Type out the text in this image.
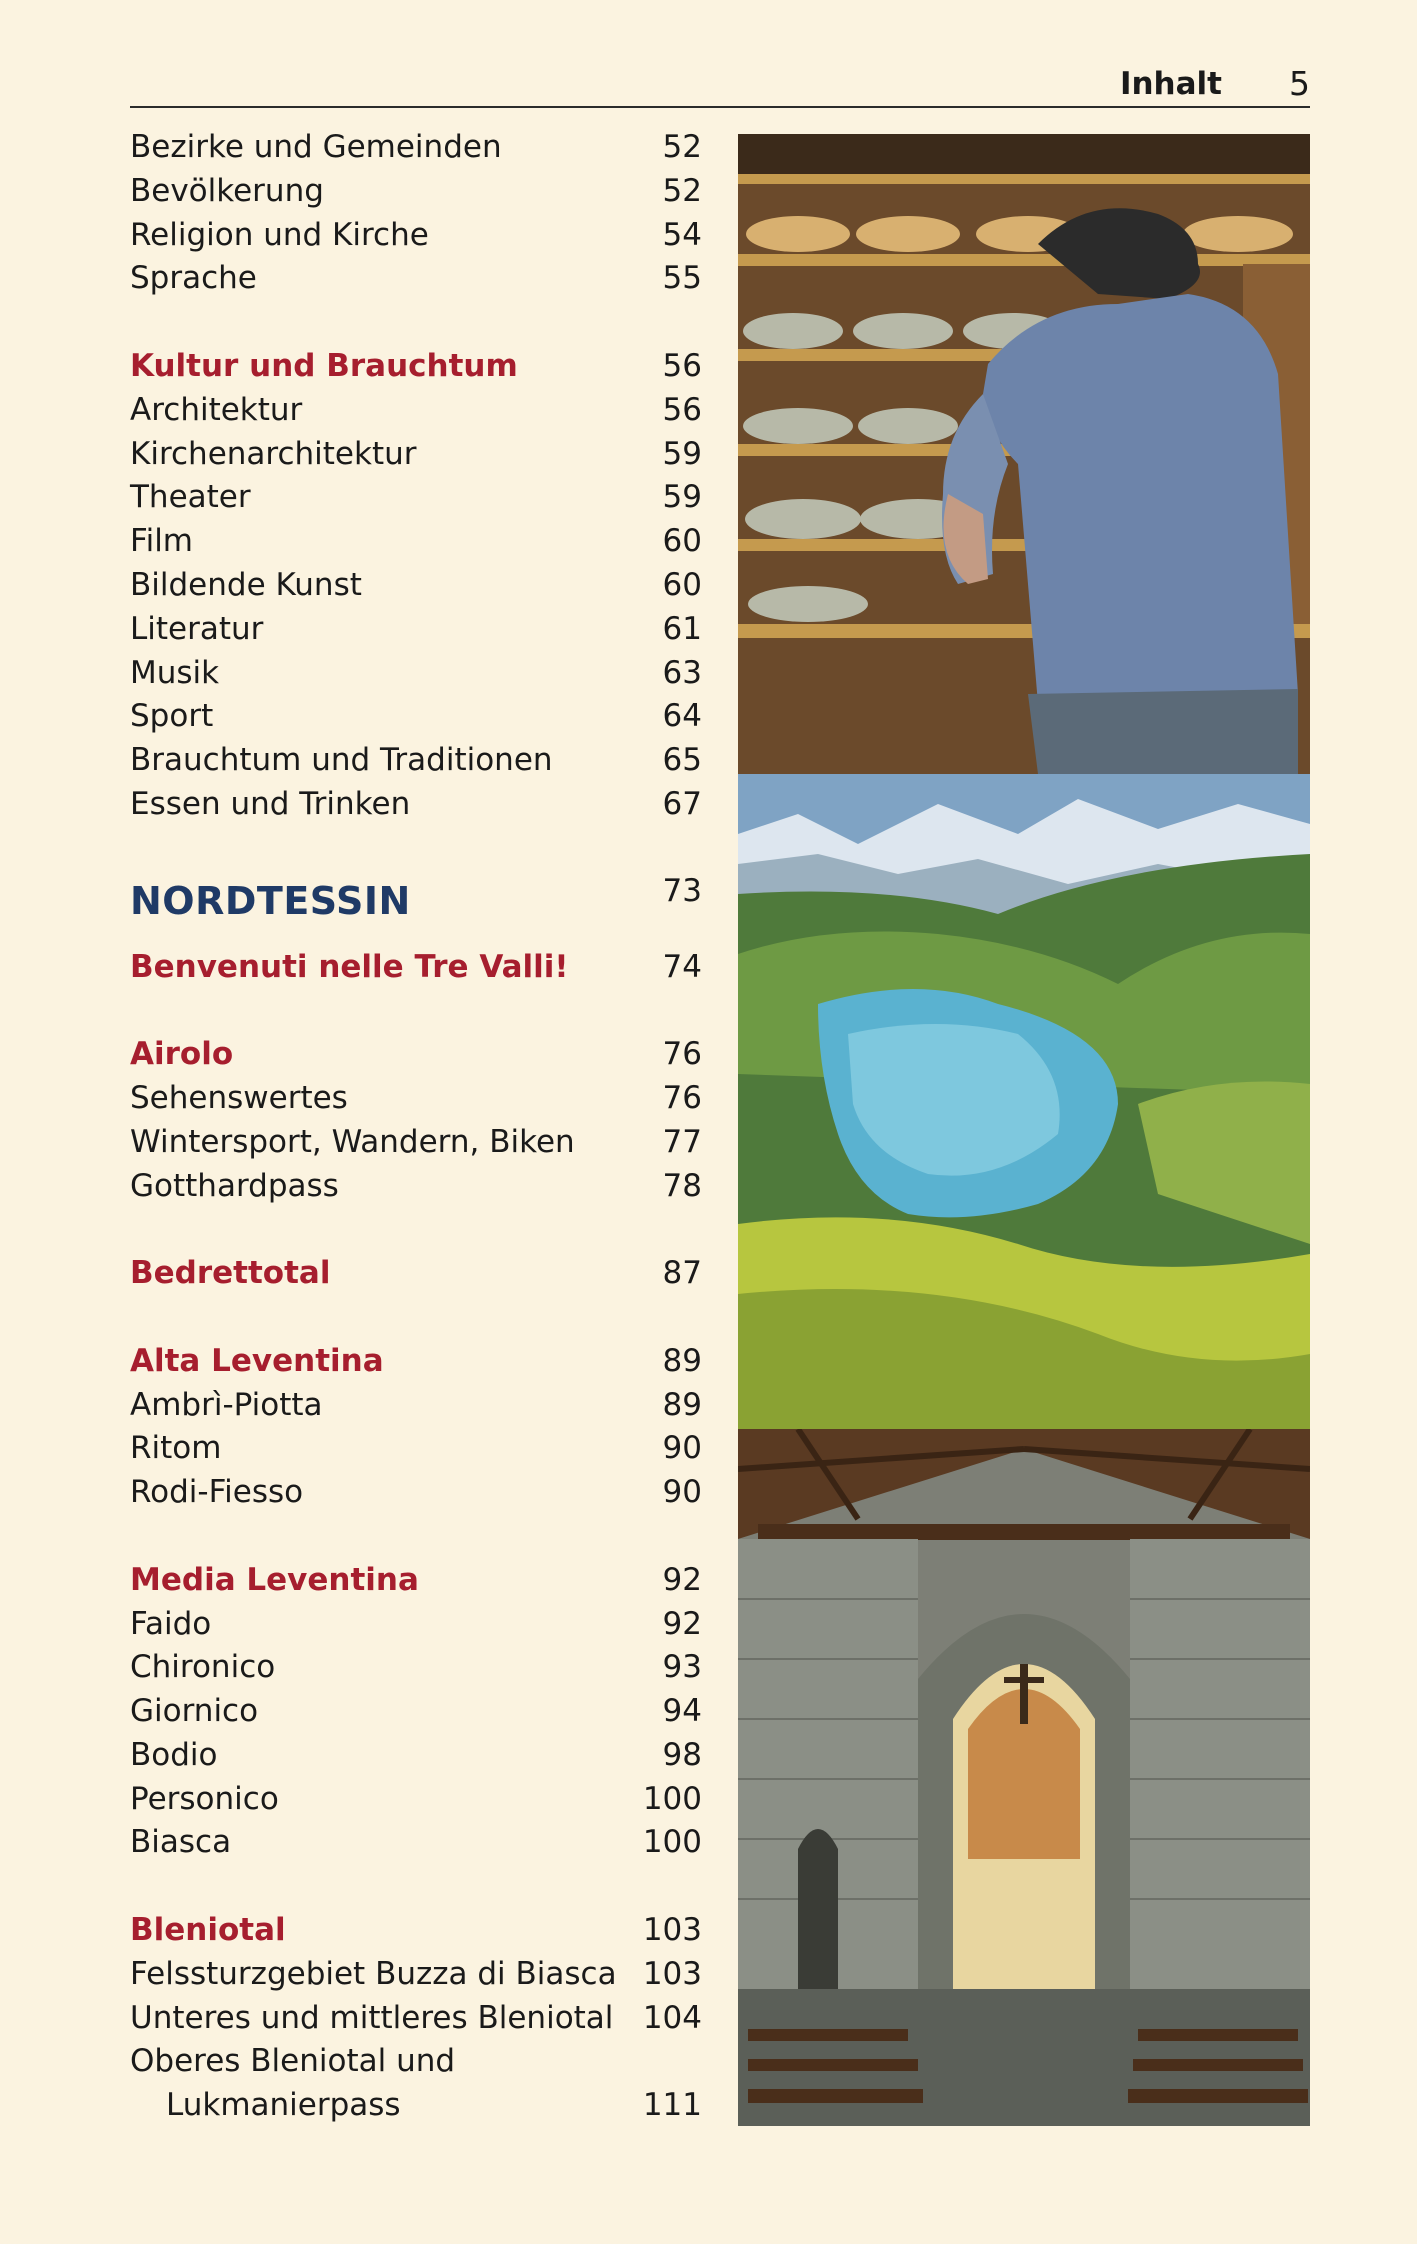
Inhalt 5
Bezirke und Gemeinden	52
Bevölkerung	52
Religion und Kirche	54
Sprache	55
Kultur und Brauchtum	56
Architektur	56
Kirchenarchitektur	59
Theater	59
Film	60
Bildende Kunst	60
Literatur	61
Musik	63
Sport	64
Brauchtum und Traditionen	65
Essen und Trinken	67
NORDTESSIN	73
Benvenuti nelle Tre Valli!	74
Airolo	76
Sehenswertes	76
Wintersport, Wandern, Biken	77
Gotthardpass	78
Bedrettotal	87
Alta Leventina	89
Ambrì-Piotta	89
Ritom	90
Rodi-Fiesso	90
Media Leventina	92
Faido	92
Chironico	93
Giornico	94
Bodio	98
Personico	100
Biasca	100
Bleniotal	103
Felssturzgebiet Buzza di Biasca 103
Unteres und mittleres Bleniotal 104
Oberes Bleniotal und
Lukmanierpass	111
